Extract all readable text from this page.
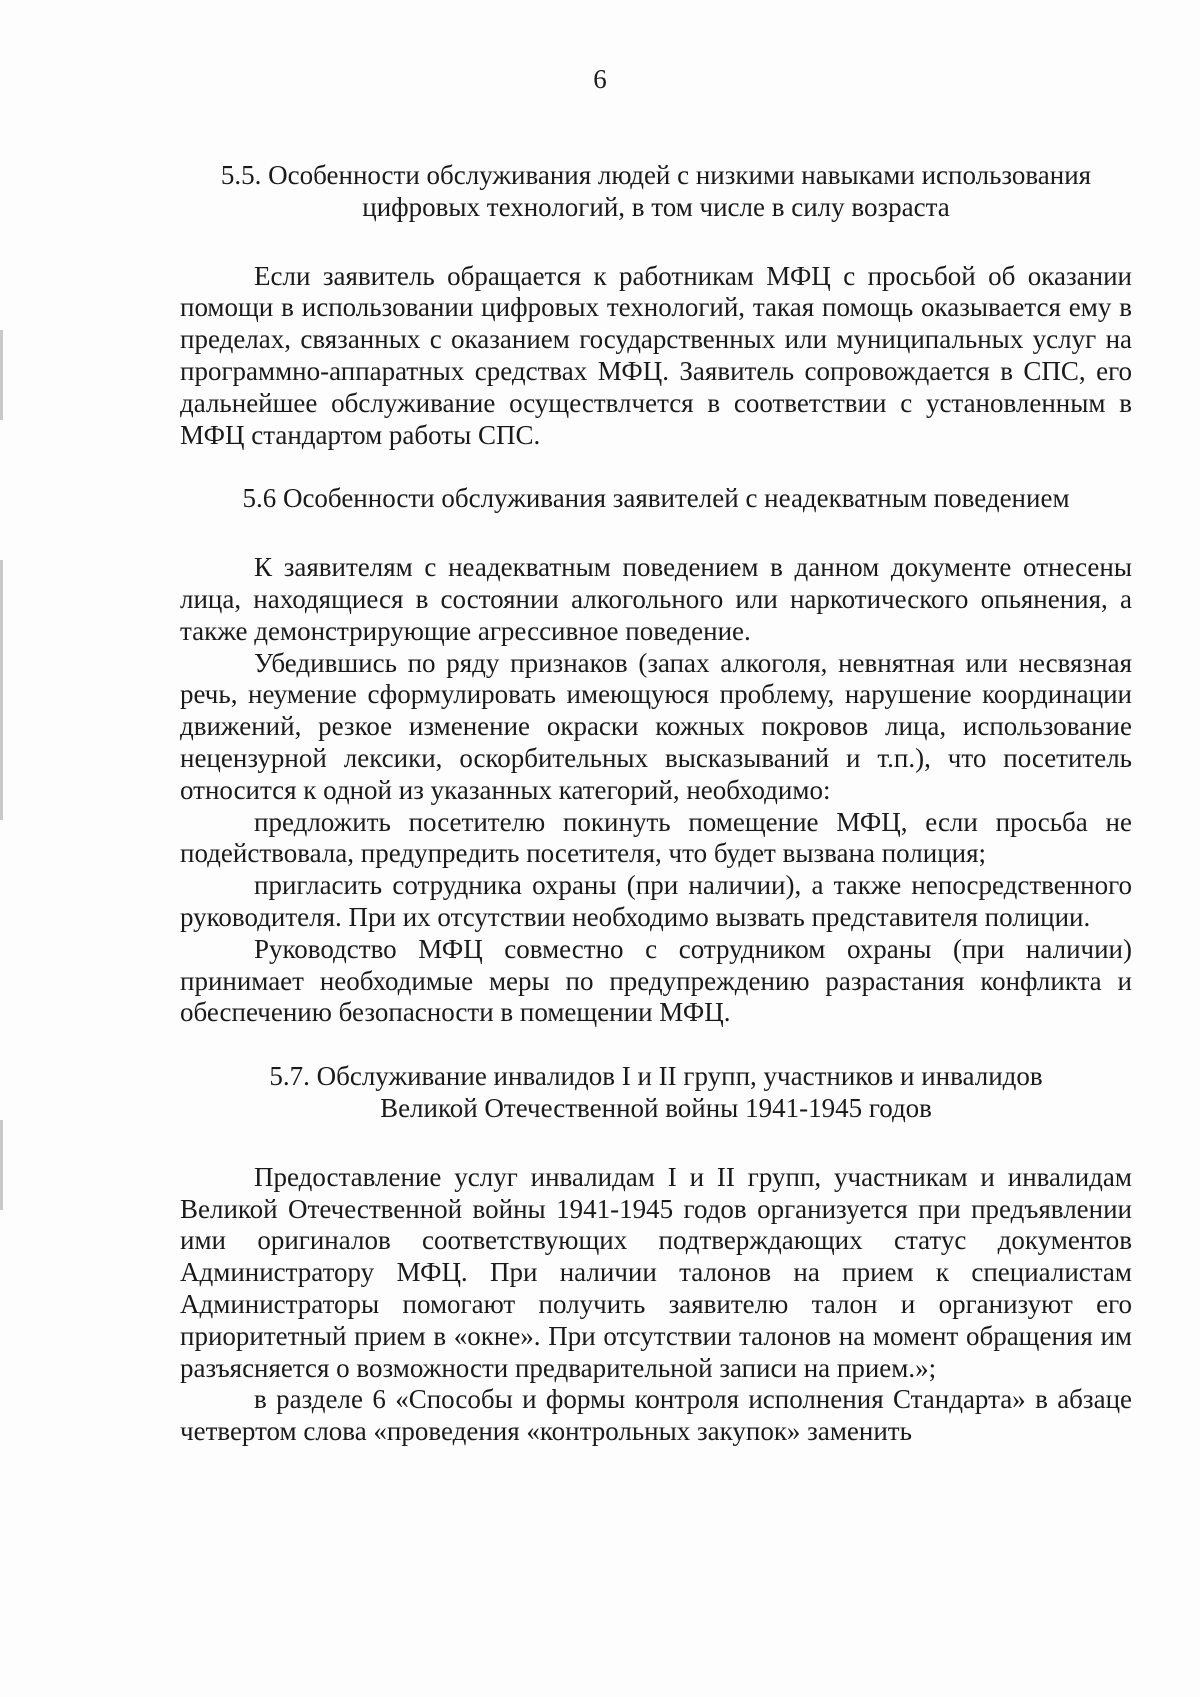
6

5.5. Особенности обслуживания людей с низкими навыками использования
цифровых технологий, в том числе в силу возраста

Если заявитель обращается к работникам МФЦ с просьбой об оказании помощи в использовании цифровых технологий, такая помощь оказывается ему в пределах, связанных с оказанием государственных или муниципальных услуг на программно-аппаратных средствах МФЦ. Заявитель сопровождается в СПС, его дальнейшее обслуживание осуществлчется в соответствии с установленным в МФЦ стандартом работы СПС.

5.6 Особенности обслуживания заявителей с неадекватным поведением

К заявителям с неадекватным поведением в данном документе отнесены лица, находящиеся в состоянии алкогольного или наркотического опьянения, а также демонстрирующие агрессивное поведение.

Убедившись по ряду признаков (запах алкоголя, невнятная или несвязная речь, неумение сформулировать имеющуюся проблему, нарушение координации движений, резкое изменение окраски кожных покровов лица, использование нецензурной лексики, оскорбительных высказываний и т.п.), что посетитель относится к одной из указанных категорий, необходимо:

предложить посетителю покинуть помещение МФЦ, если просьба не подействовала, предупредить посетителя, что будет вызвана полиция;

пригласить сотрудника охраны (при наличии), а также непосредственного руководителя. При их отсутствии необходимо вызвать представителя полиции.

Руководство МФЦ совместно с сотрудником охраны (при наличии) принимает необходимые меры по предупреждению разрастания конфликта и обеспечению безопасности в помещении МФЦ.

5.7. Обслуживание инвалидов I и II групп, участников и инвалидов
Великой Отечественной войны 1941-1945 годов

Предоставление услуг инвалидам I и II групп, участникам и инвалидам Великой Отечественной войны 1941-1945 годов организуется при предъявлении ими оригиналов соответствующих подтверждающих статус документов Администратору МФЦ. При наличии талонов на прием к специалистам Администраторы помогают получить заявителю талон и организуют его приоритетный прием в «окне». При отсутствии талонов на момент обращения им разъясняется о возможности предварительной записи на прием.»;

в разделе 6 «Способы и формы контроля исполнения Стандарта» в абзаце четвертом слова «проведения «контрольных закупок» заменить
